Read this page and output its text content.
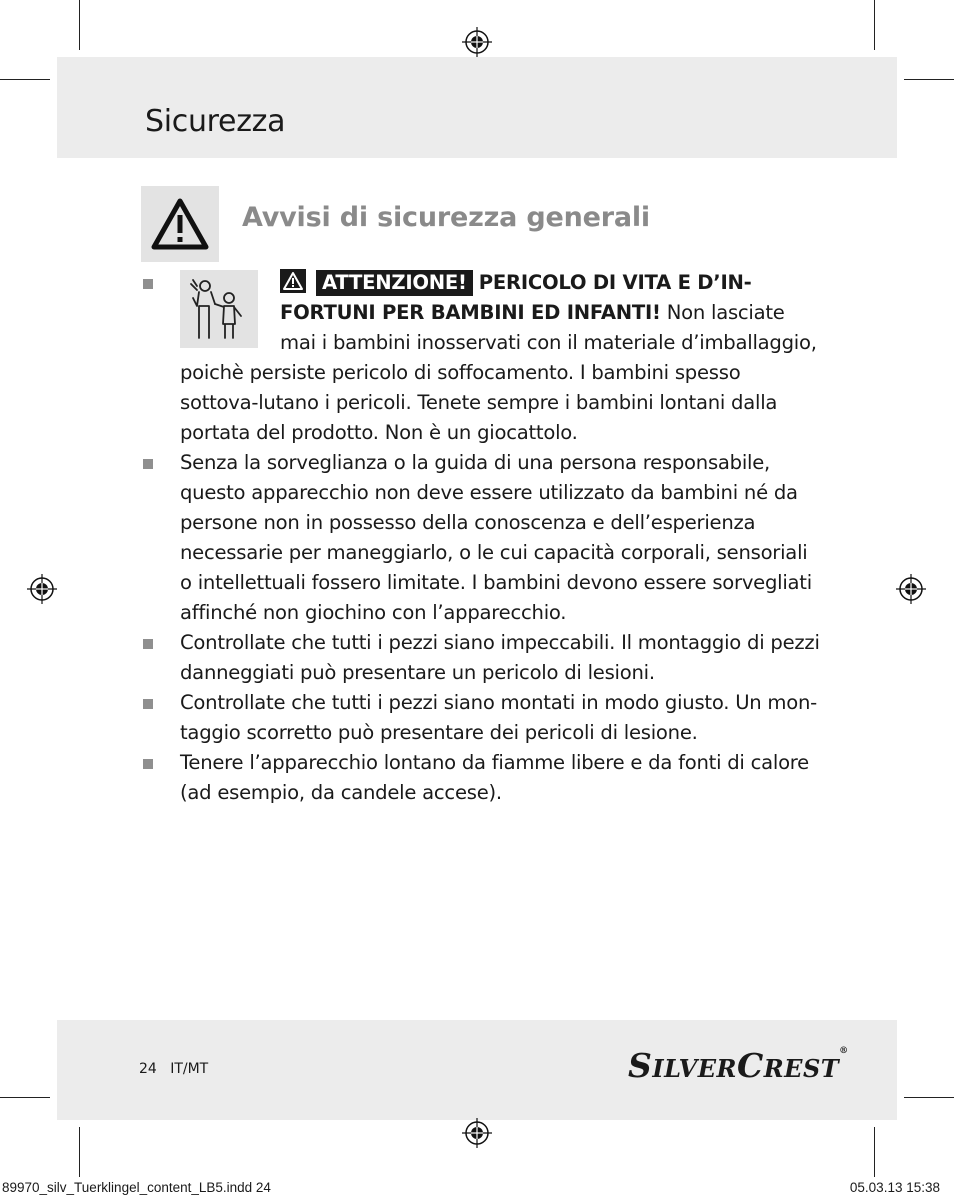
Sicurezza
Avvisi di sicurezza generali

ATTENZIONE! PERICOLO DI VITA E D’IN-FORTUNI PER BAMBINI ED INFANTI! Non lasciate mai i bambini inosservati con il materiale d’imballaggio, poichè persiste pericolo di soffocamento. I bambini spesso sottova-lutano i pericoli. Tenete sempre i bambini lontani dalla portata del prodotto. Non è un giocattolo.

Senza la sorveglianza o la guida di una persona responsabile, questo apparecchio non deve essere utilizzato da bambini né da persone non in possesso della conoscenza e dell’esperienza necessarie per maneggiarlo, o le cui capacità corporali, sensoriali o intellettuali fossero limitate. I bambini devono essere sorvegliati affinché non giochino con l’apparecchio.

Controllate che tutti i pezzi siano impeccabili. Il montaggio di pezzi danneggiati può presentare un pericolo di lesioni.

Controllate che tutti i pezzi siano montati in modo giusto. Un mon-taggio scorretto può presentare dei pericoli di lesione.

Tenere l’apparecchio lontano da fiamme libere e da fonti di calore (ad esempio, da candele accese).

24 IT/MT	SILVERCREST®
89970_silv_Tuerklingel_content_LB5.indd 24	05.03.13 15:38
